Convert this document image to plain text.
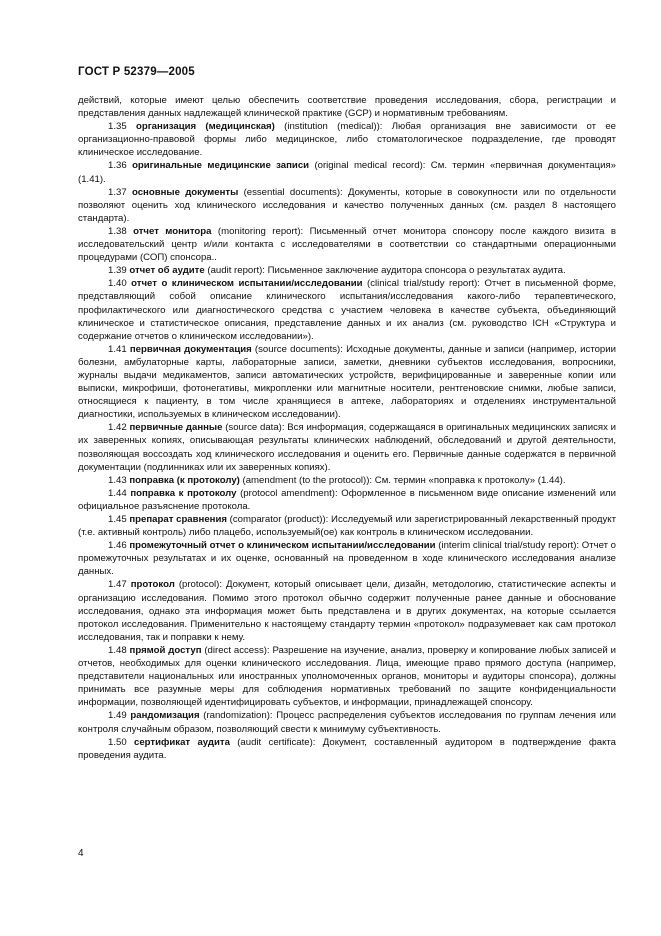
ГОСТ Р 52379—2005

действий, которые имеют целью обеспечить соответствие проведения исследования, сбора, регистрации и представления данных надлежащей клинической практике (GCP) и нормативным требованиям.

1.35 организация (медицинская) (institution (medical)): Любая организация вне зависимости от ее организационно-правовой формы либо медицинское, либо стоматологическое подразделение, где проводят клиническое исследование.

1.36 оригинальные медицинские записи (original medical record): См. термин «первичная документация» (1.41).

1.37 основные документы (essential documents): Документы, которые в совокупности или по отдельности позволяют оценить ход клинического исследования и качество полученных данных (см. раздел 8 настоящего стандарта).

1.38 отчет монитора (monitoring report): Письменный отчет монитора спонсору после каждого визита в исследовательский центр и/или контакта с исследователями в соответствии со стандартными операционными процедурами (СОП) спонсора..

1.39 отчет об аудите (audit report): Письменное заключение аудитора спонсора о результатах аудита.

1.40 отчет о клиническом испытании/исследовании (clinical trial/study report): Отчет в письменной форме, представляющий собой описание клинического испытания/исследования какого-либо терапевтического, профилактического или диагностического средства с участием человека в качестве субъекта, объединяющий клиническое и статистическое описания, представление данных и их анализ (см. руководство ICH «Структура и содержание отчетов о клиническом исследовании»).

1.41 первичная документация (source documents): Исходные документы, данные и записи (например, истории болезни, амбулаторные карты, лабораторные записи, заметки, дневники субъектов исследования, вопросники, журналы выдачи медикаментов, записи автоматических устройств, верифицированные и заверенные копии или выписки, микрофиши, фотонегативы, микропленки или магнитные носители, рентгеновские снимки, любые записи, относящиеся к пациенту, в том числе хранящиеся в аптеке, лабораториях и отделениях инструментальной диагностики, используемых в клиническом исследовании).

1.42 первичные данные (source data): Вся информация, содержащаяся в оригинальных медицинских записях и их заверенных копиях, описывающая результаты клинических наблюдений, обследований и другой деятельности, позволяющая воссоздать ход клинического исследования и оценить его. Первичные данные содержатся в первичной документации (подлинниках или их заверенных копиях).

1.43 поправка (к протоколу) (amendment (to the protocol)): См. термин «поправка к протоколу» (1.44).

1.44 поправка к протоколу (protocol amendment): Оформленное в письменном виде описание изменений или официальное разъяснение протокола.

1.45 препарат сравнения (comparator (product)): Исследуемый или зарегистрированный лекарственный продукт (т.е. активный контроль) либо плацебо, используемый(ое) как контроль в клиническом исследовании.

1.46 промежуточный отчет о клиническом испытании/исследовании (interim clinical trial/study report): Отчет о промежуточных результатах и их оценке, основанный на проведенном в ходе клинического исследования анализе данных.

1.47 протокол (protocol): Документ, который описывает цели, дизайн, методологию, статистические аспекты и организацию исследования. Помимо этого протокол обычно содержит полученные ранее данные и обоснование исследования, однако эта информация может быть представлена и в других документах, на которые ссылается протокол исследования. Применительно к настоящему стандарту термин «протокол» подразумевает как сам протокол исследования, так и поправки к нему.

1.48 прямой доступ (direct access): Разрешение на изучение, анализ, проверку и копирование любых записей и отчетов, необходимых для оценки клинического исследования. Лица, имеющие право прямого доступа (например, представители национальных или иностранных уполномоченных органов, мониторы и аудиторы спонсора), должны принимать все разумные меры для соблюдения нормативных требований по защите конфиденциальности информации, позволяющей идентифицировать субъектов, и информации, принадлежащей спонсору.

1.49 рандомизация (randomization): Процесс распределения субъектов исследования по группам лечения или контроля случайным образом, позволяющий свести к минимуму субъективность.

1.50 сертификат аудита (audit certificate): Документ, составленный аудитором в подтверждение факта проведения аудита.

4
